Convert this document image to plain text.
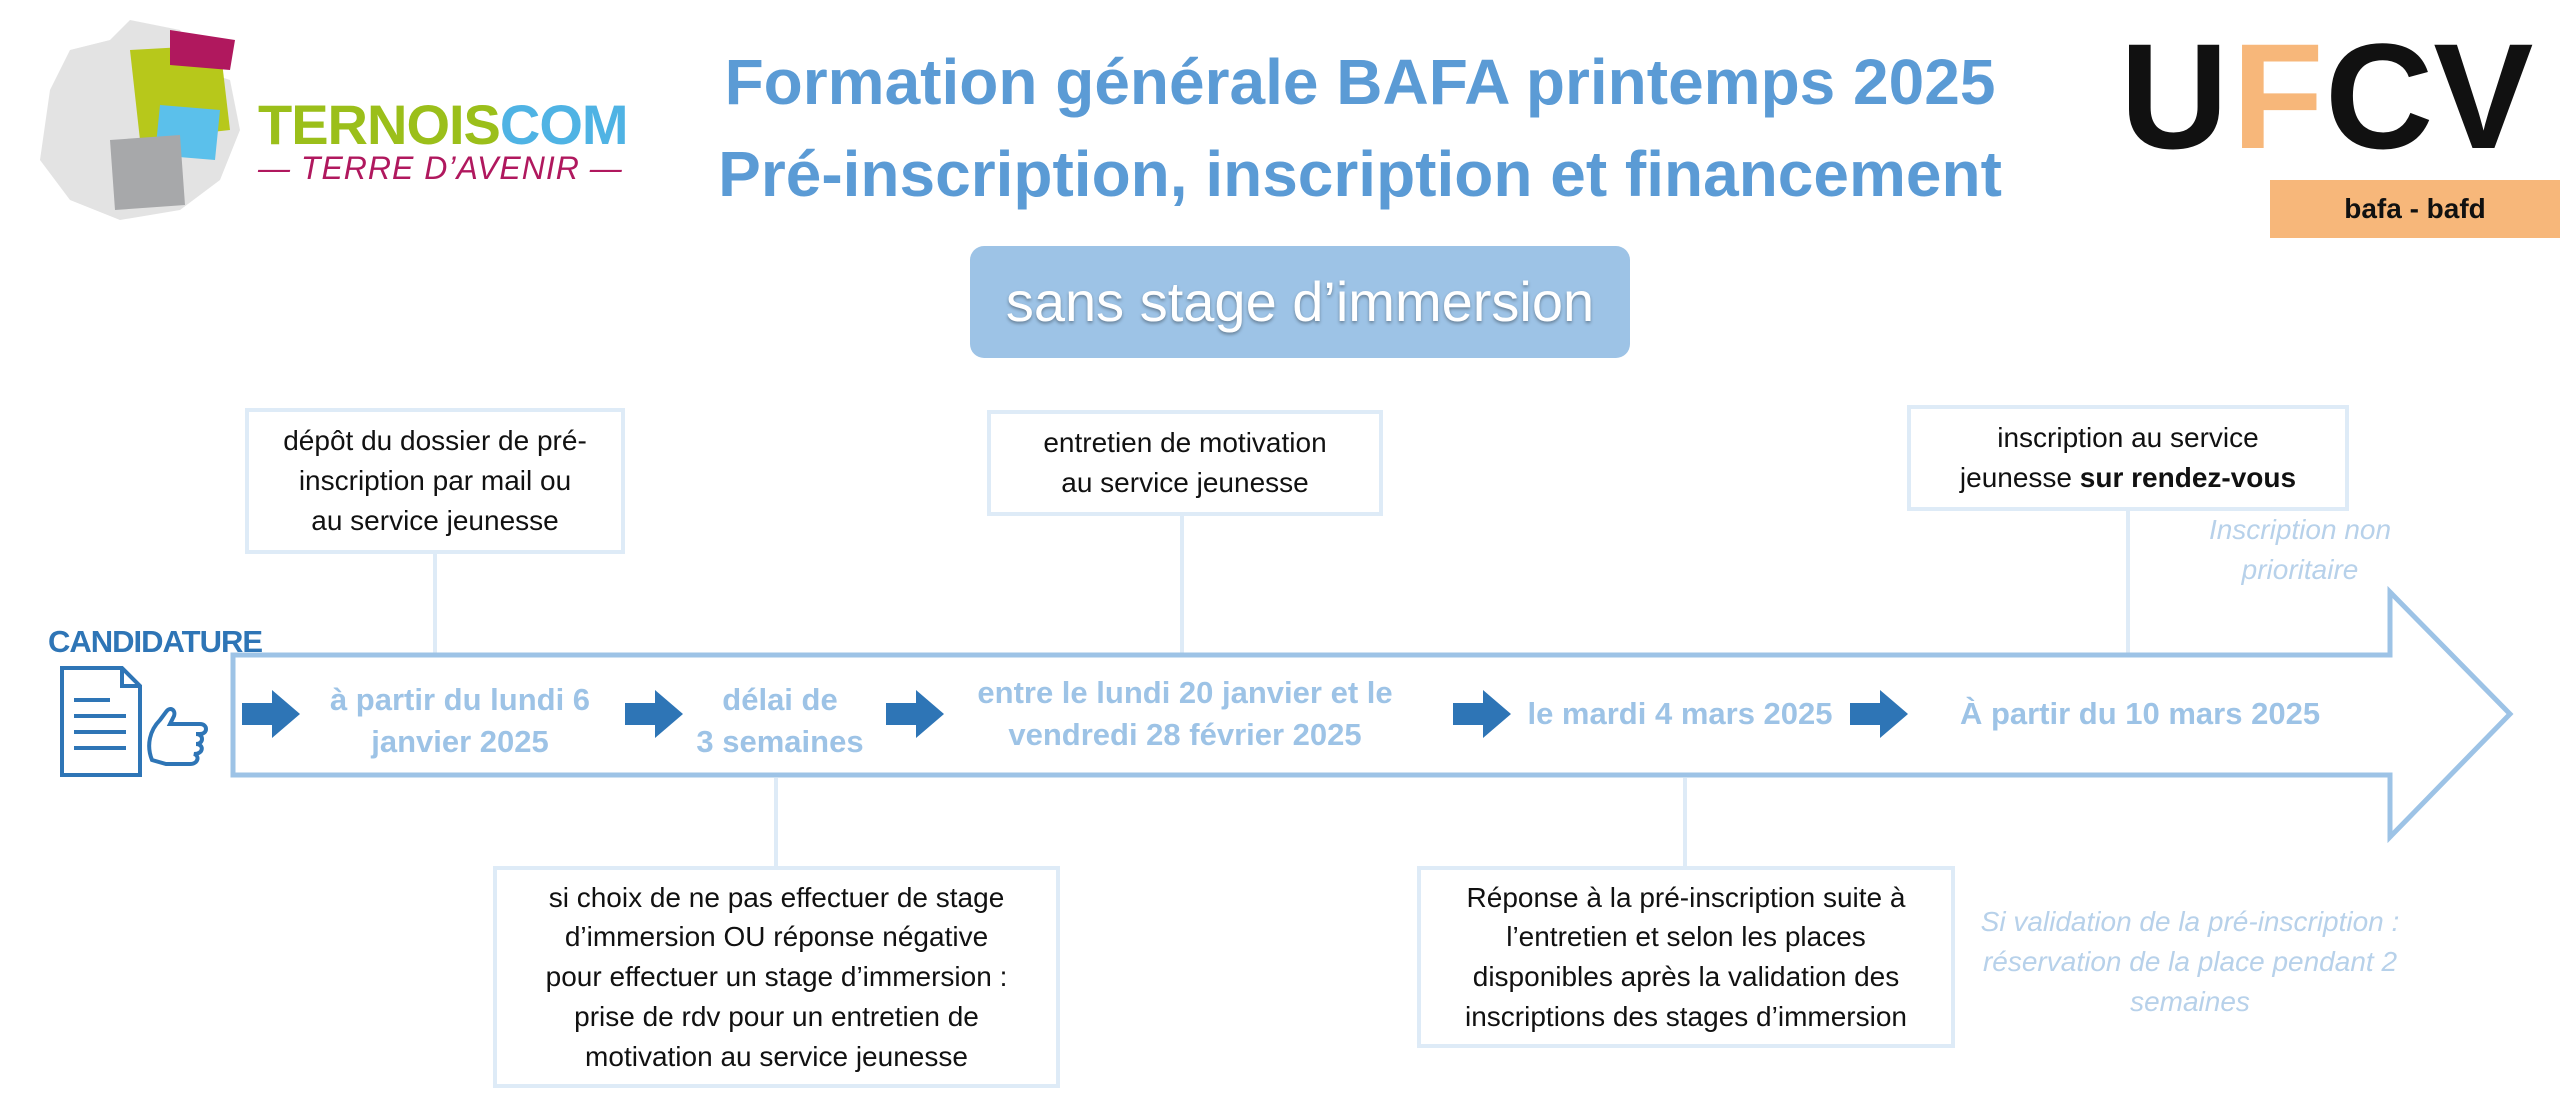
TERNOISCOM
— TERRE D’AVENIR —
Formation générale BAFA printemps 2025
Pré-inscription, inscription et financement
sans stage d’immersion
U F CV
bafa - bafd
CANDIDATURE
à partir du lundi 6
janvier 2025
délai de
3 semaines
entre le lundi 20 janvier et le
vendredi 28 février 2025
le mardi 4 mars 2025	À partir du 10 mars 2025
dépôt du dossier de pré-
inscription par mail ou
au service jeunesse
entretien de motivation
au service jeunesse
inscription au service
jeunesse sur rendez-vous
si choix de ne pas effectuer de stage
d’immersion OU réponse négative
pour effectuer un stage d’immersion :
prise de rdv pour un entretien de
motivation au service jeunesse
Réponse à la pré-inscription suite à
l’entretien et selon les places
disponibles après la validation des
inscriptions des stages d’immersion
Inscription non
prioritaire
Si validation de la pré-inscription :
réservation de la place pendant 2
semaines
